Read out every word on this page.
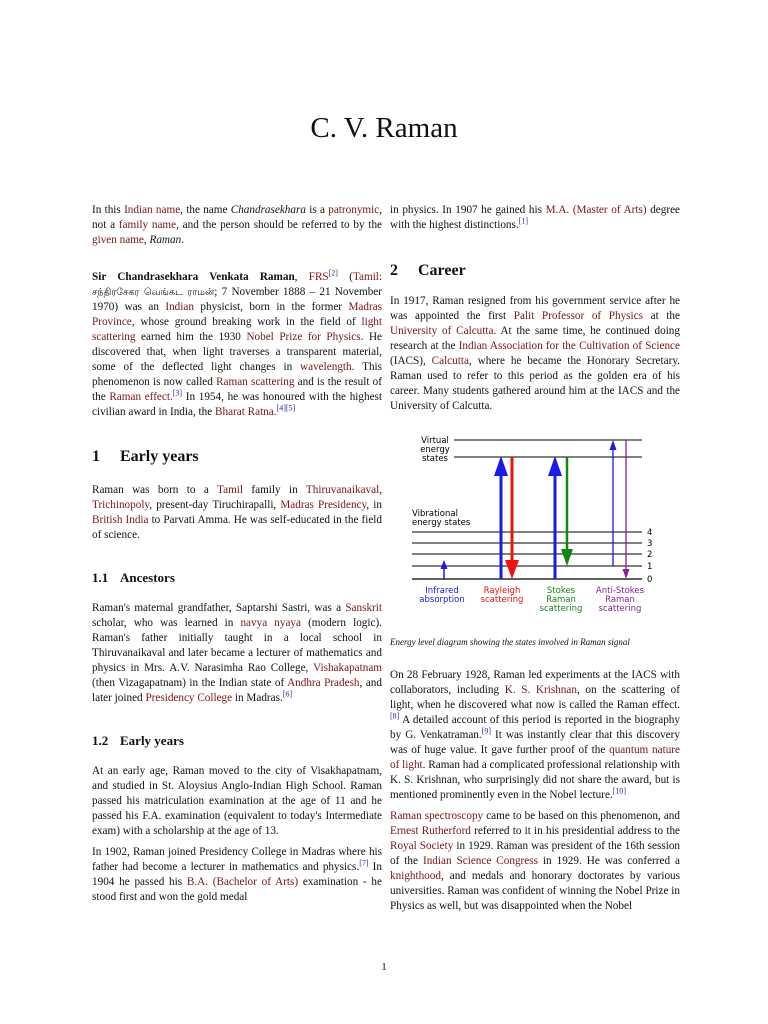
C. V. Raman

In this Indian name, the name Chandrasekhara is a patronymic, not a family name, and the person should be referred to by the given name, Raman.

Sir Chandrasekhara Venkata Raman, FRS[2] (Tamil: சந்திரசேகர வெங்கட ராமன்; 7 November 1888 – 21 November 1970) was an Indian physicist, born in the former Madras Province, whose ground breaking work in the field of light scattering earned him the 1930 Nobel Prize for Physics. He discovered that, when light traverses a transparent material, some of the deflected light changes in wavelength. This phenomenon is now called Raman scattering and is the result of the Raman effect.[3] In 1954, he was honoured with the highest civilian award in India, the Bharat Ratna.[4][5]

1 Early years

Raman was born to a Tamil family in Thiruvanaikaval, Trichinopoly, present-day Tiruchirapalli, Madras Presidency, in British India to Parvati Amma. He was self-educated in the field of science.

1.1 Ancestors

Raman's maternal grandfather, Saptarshi Sastri, was a Sanskrit scholar, who was learned in navya nyaya (modern logic). Raman's father initially taught in a local school in Thiruvanaikaval and later became a lecturer of mathematics and physics in Mrs. A.V. Narasimha Rao College, Vishakapatnam (then Vizagapatnam) in the Indian state of Andhra Pradesh, and later joined Presidency College in Madras.[6]

1.2 Early years

At an early age, Raman moved to the city of Visakhapatnam, and studied in St. Aloysius Anglo-Indian High School. Raman passed his matriculation examination at the age of 11 and he passed his F.A. examination (equivalent to today's Intermediate exam) with a scholarship at the age of 13.

In 1902, Raman joined Presidency College in Madras where his father had become a lecturer in mathematics and physics.[7] In 1904 he passed his B.A. (Bachelor of Arts) examination - he stood first and won the gold medal

in physics. In 1907 he gained his M.A. (Master of Arts) degree with the highest distinctions.[1]

2 Career

In 1917, Raman resigned from his government service after he was appointed the first Palit Professor of Physics at the University of Calcutta. At the same time, he continued doing research at the Indian Association for the Cultivation of Science (IACS), Calcutta, where he became the Honorary Secretary. Raman used to refer to this period as the golden era of his career. Many students gathered around him at the IACS and the University of Calcutta.

Virtual
energy
states
Vibrational
energy states
4
3
2
1
0
Infrared
absorption
Rayleigh
scattering
Stokes
Raman
scattering
Anti-Stokes
Raman
scattering

Energy level diagram showing the states involved in Raman signal

On 28 February 1928, Raman led experiments at the IACS with collaborators, including K. S. Krishnan, on the scattering of light, when he discovered what now is called the Raman effect.[8] A detailed account of this period is reported in the biography by G. Venkatraman.[9] It was instantly clear that this discovery was of huge value. It gave further proof of the quantum nature of light. Raman had a complicated professional relationship with K. S. Krishnan, who surprisingly did not share the award, but is mentioned prominently even in the Nobel lecture.[10]

Raman spectroscopy came to be based on this phenomenon, and Ernest Rutherford referred to it in his presidential address to the Royal Society in 1929. Raman was president of the 16th session of the Indian Science Congress in 1929. He was conferred a knighthood, and medals and honorary doctorates by various universities. Raman was confident of winning the Nobel Prize in Physics as well, but was disappointed when the Nobel

1
